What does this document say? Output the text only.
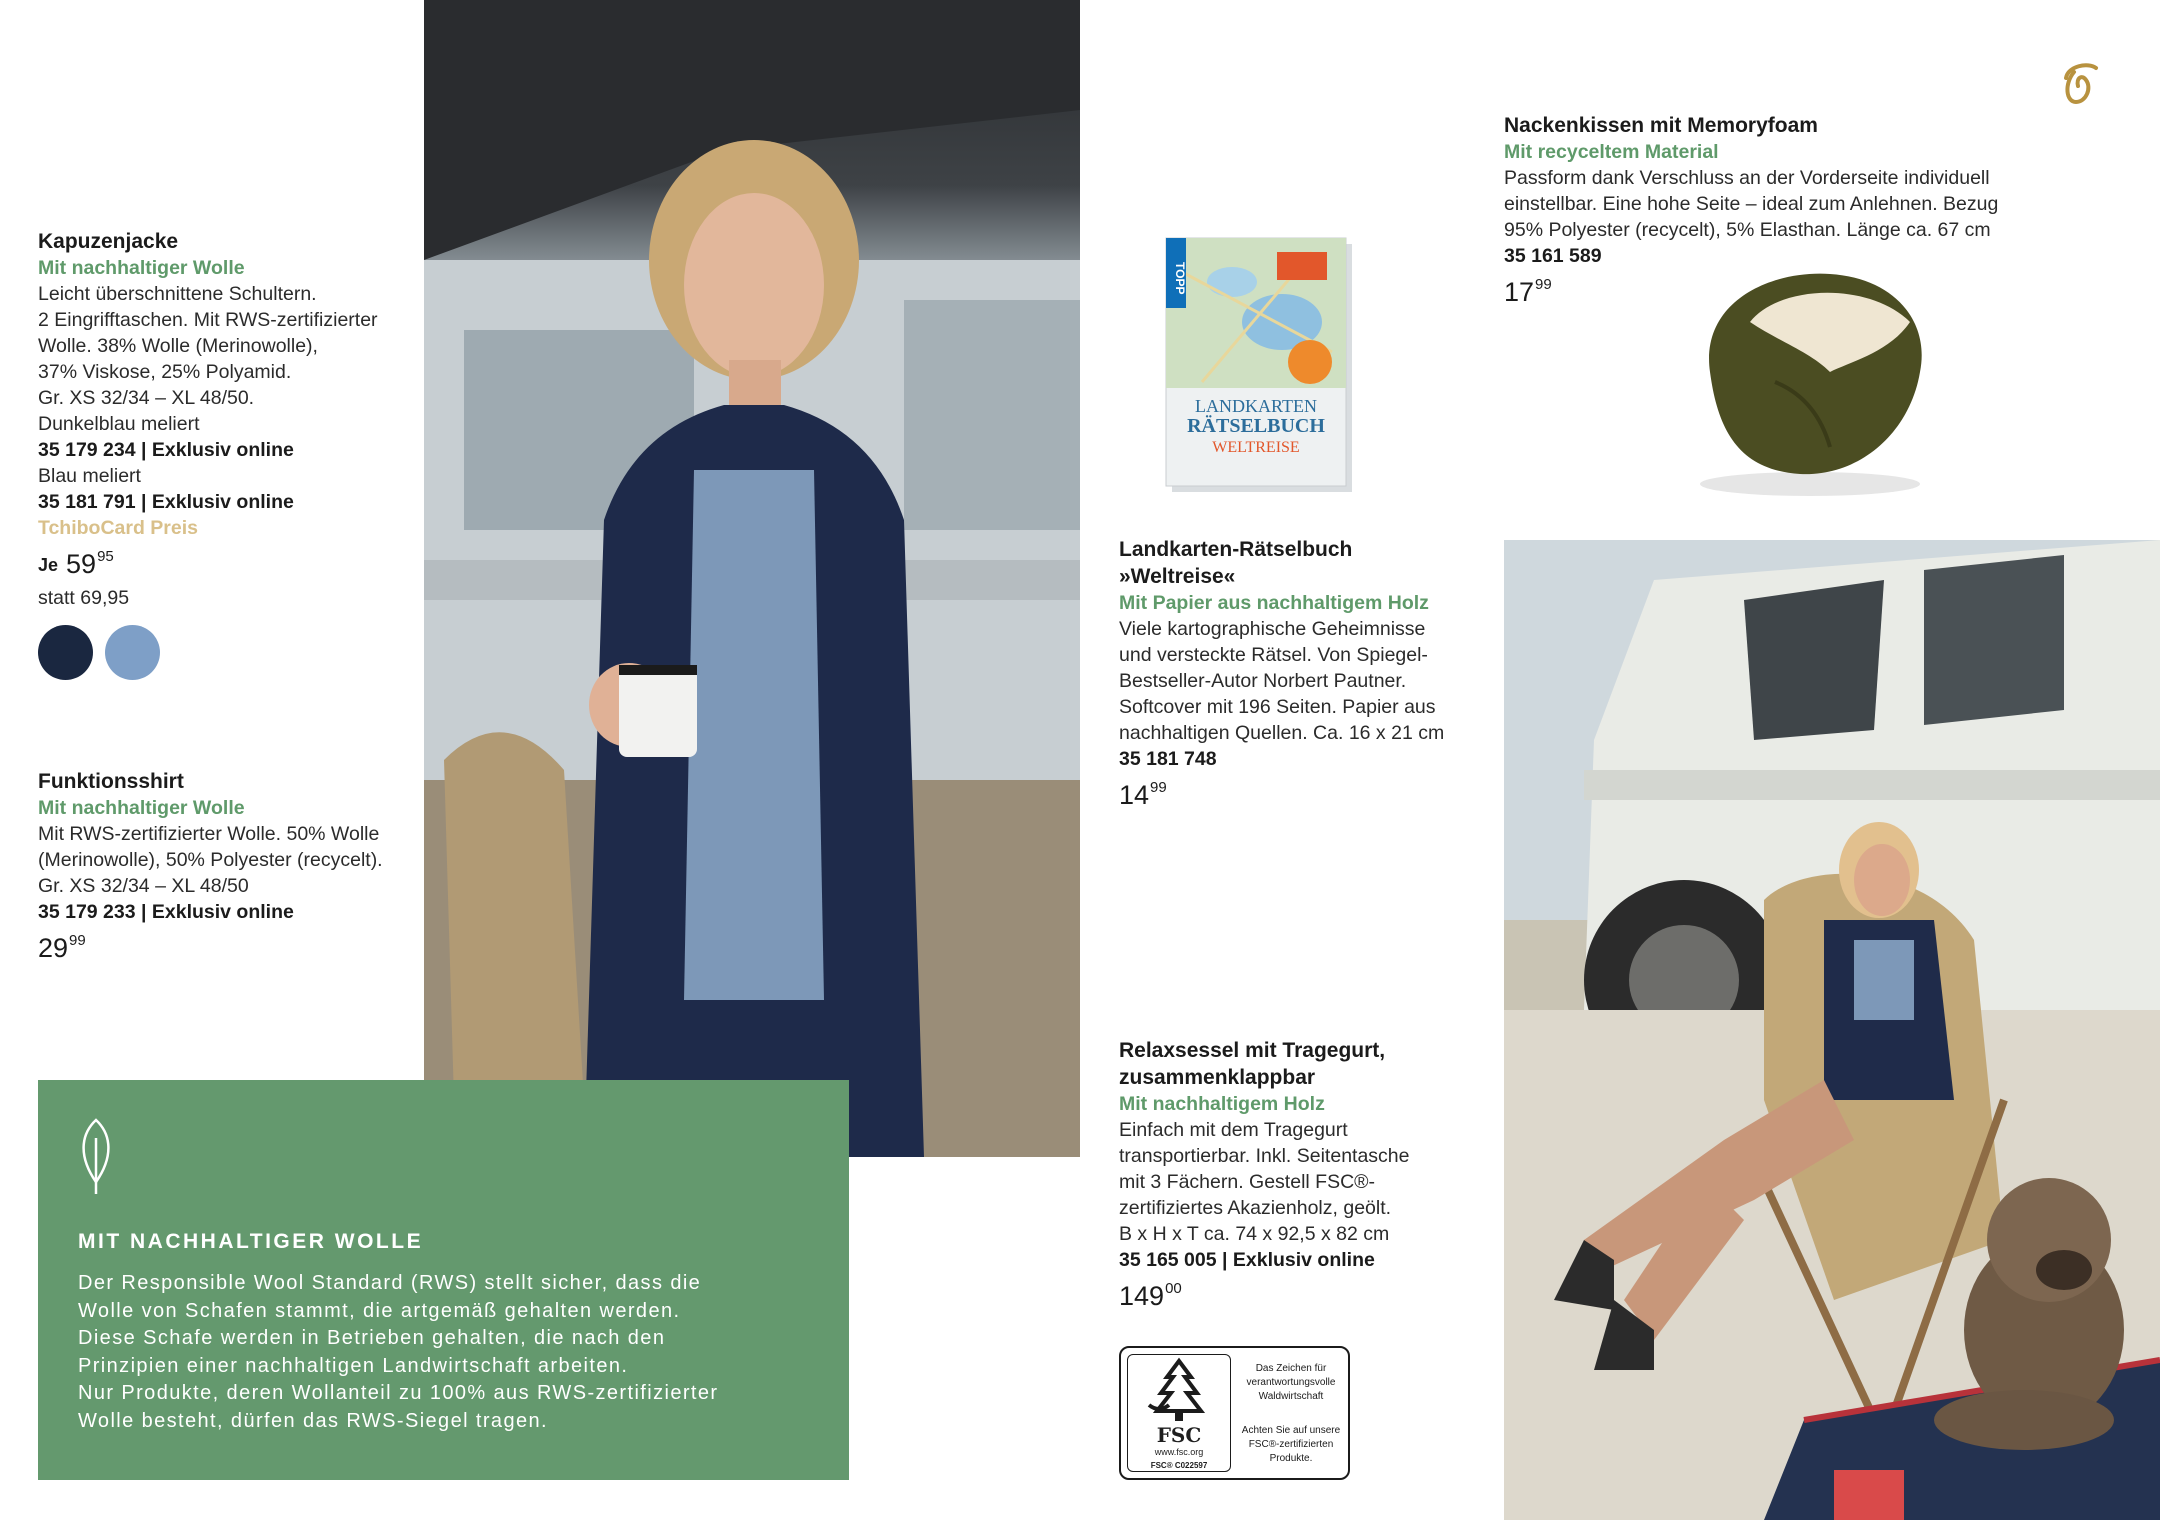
Kapuzenjacke
Mit nachhaltiger Wolle
Leicht überschnittene Schultern.
2 Eingrifftaschen. Mit RWS-zertifizierter
Wolle. 38% Wolle (Merinowolle),
37% Viskose, 25% Polyamid.
Gr. XS 32/34 – XL 48/50.
Dunkelblau meliert
35 179 234 | Exklusiv online
Blau meliert
35 181 791 | Exklusiv online
TchiboCard Preis
Je 59 95
statt 69,95
Funktionsshirt
Mit nachhaltiger Wolle
Mit RWS-zertifizierter Wolle. 50% Wolle
(Merinowolle), 50% Polyester (recycelt).
Gr. XS 32/34 – XL 48/50
35 179 233 | Exklusiv online
29 99
MIT NACHHALTIGER WOLLE
Der Responsible Wool Standard (RWS) stellt sicher, dass die
Wolle von Schafen stammt, die artgemäß gehalten werden.
Diese Schafe werden in Betrieben gehalten, die nach den
Prinzipien einer nachhaltigen Landwirtschaft arbeiten.
Nur Produkte, deren Wollanteil zu 100% aus RWS-zertifizierter
Wolle besteht, dürfen das RWS-Siegel tragen.
TOPP
LANDKARTEN
RÄTSELBUCH
WELTREISE
Landkarten-Rätselbuch
»Weltreise«
Mit Papier aus nachhaltigem Holz
Viele kartographische Geheimnisse
und versteckte Rätsel. Von Spiegel-
Bestseller-Autor Norbert Pautner.
Softcover mit 196 Seiten. Papier aus
nachhaltigen Quellen. Ca. 16 x 21 cm
35 181 748
14 99
Relaxsessel mit Tragegurt,
zusammenklappbar
Mit nachhaltigem Holz
Einfach mit dem Tragegurt
transportierbar. Inkl. Seitentasche
mit 3 Fächern. Gestell FSC®-
zertifiziertes Akazienholz, geölt.
B x H x T ca. 74 x 92,5 x 82 cm
35 165 005 | Exklusiv online
149 00
FSC
www.fsc.org
FSC® C022597
Das Zeichen für
verantwortungsvolle
Waldwirtschaft
Achten Sie auf unsere
FSC®-zertifizierten
Produkte.
Nackenkissen mit Memoryfoam
Mit recyceltem Material
Passform dank Verschluss an der Vorderseite individuell
einstellbar. Eine hohe Seite – ideal zum Anlehnen. Bezug
95% Polyester (recycelt), 5% Elasthan. Länge ca. 67 cm
35 161 589
17 99
